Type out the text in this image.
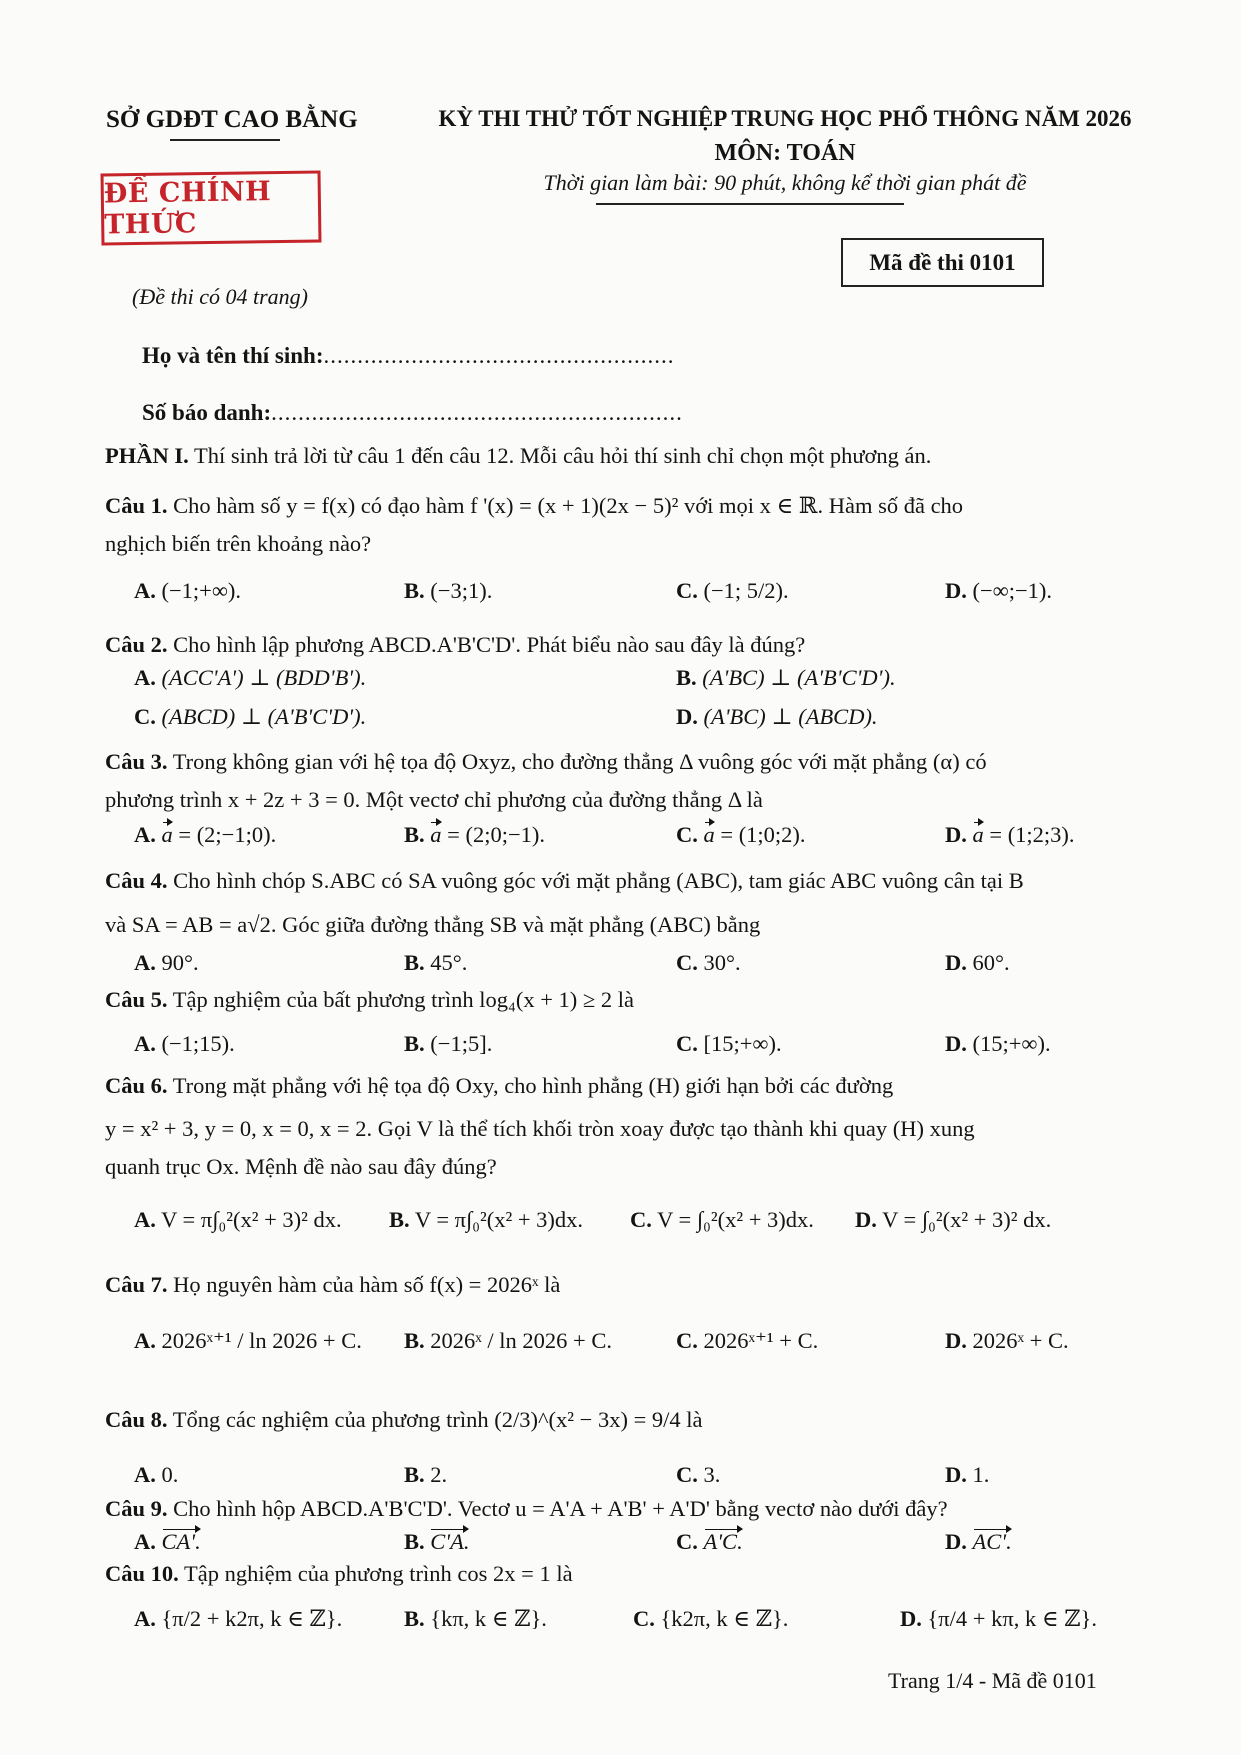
SỞ GDĐT CAO BẰNG	KỲ THI THỬ TỐT NGHIỆP TRUNG HỌC PHỔ THÔNG NĂM 2026
MÔN: TOÁN
Thời gian làm bài: 90 phút, không kể thời gian phát đề
ĐỀ CHÍNH THỨC
Mã đề thi 0101
(Đề thi có 04 trang)
Họ và tên thí sinh:....................................................
Số báo danh:.............................................................
PHẦN I. Thí sinh trả lời từ câu 1 đến câu 12. Mỗi câu hỏi thí sinh chỉ chọn một phương án.
Câu 1. Cho hàm số y = f(x) có đạo hàm f '(x) = (x + 1)(2x − 5)² với mọi x ∈ ℝ. Hàm số đã cho
nghịch biến trên khoảng nào?
A. (−1;+∞).	B. (−3;1).	C. (−1; 5/2).	D. (−∞;−1).
Câu 2. Cho hình lập phương ABCD.A'B'C'D'. Phát biểu nào sau đây là đúng?
A. (ACC'A') ⊥ (BDD'B').	B. (A'BC) ⊥ (A'B'C'D').
C. (ABCD) ⊥ (A'B'C'D').	D. (A'BC) ⊥ (ABCD).
Câu 3. Trong không gian với hệ tọa độ Oxyz, cho đường thẳng Δ vuông góc với mặt phẳng (α) có
phương trình x + 2z + 3 = 0. Một vectơ chỉ phương của đường thẳng Δ là
A. a = (2;−1;0).	B. a = (2;0;−1).	C. a = (1;0;2).	D. a = (1;2;3).
Câu 4. Cho hình chóp S.ABC có SA vuông góc với mặt phẳng (ABC), tam giác ABC vuông cân tại B
và SA = AB = a√2. Góc giữa đường thẳng SB và mặt phẳng (ABC) bằng
A. 90°.	B. 45°.	C. 30°.	D. 60°.
Câu 5. Tập nghiệm của bất phương trình log₄(x + 1) ≥ 2 là
A. (−1;15).	B. (−1;5].	C. [15;+∞).	D. (15;+∞).
Câu 6. Trong mặt phẳng với hệ tọa độ Oxy, cho hình phẳng (H) giới hạn bởi các đường
y = x² + 3, y = 0, x = 0, x = 2. Gọi V là thể tích khối tròn xoay được tạo thành khi quay (H) xung
quanh trục Ox. Mệnh đề nào sau đây đúng?
A. V = π∫₀²(x² + 3)² dx. B. V = π∫₀²(x² + 3)dx. C. V = ∫₀²(x² + 3)dx. D. V = ∫₀²(x² + 3)² dx.
Câu 7. Họ nguyên hàm của hàm số f(x) = 2026ˣ là
A. 2026ˣ⁺¹ / ln 2026 + C. B. 2026ˣ / ln 2026 + C.	C. 2026ˣ⁺¹ + C.	D. 2026ˣ + C.
Câu 8. Tổng các nghiệm của phương trình (2/3)^(x² − 3x) = 9/4 là
A. 0.	B. 2.	C. 3.	D. 1.
Câu 9. Cho hình hộp ABCD.A'B'C'D'. Vectơ u = A'A + A'B' + A'D' bằng vectơ nào dưới đây?
A. CA'.	B. C'A.	C. A'C.	D. AC'.
Câu 10. Tập nghiệm của phương trình cos 2x = 1 là
A. {π/2 + k2π, k ∈ ℤ}.	B. {kπ, k ∈ ℤ}.	C. {k2π, k ∈ ℤ}.	D. {π/4 + kπ, k ∈ ℤ}.
Trang 1/4 - Mã đề 0101
